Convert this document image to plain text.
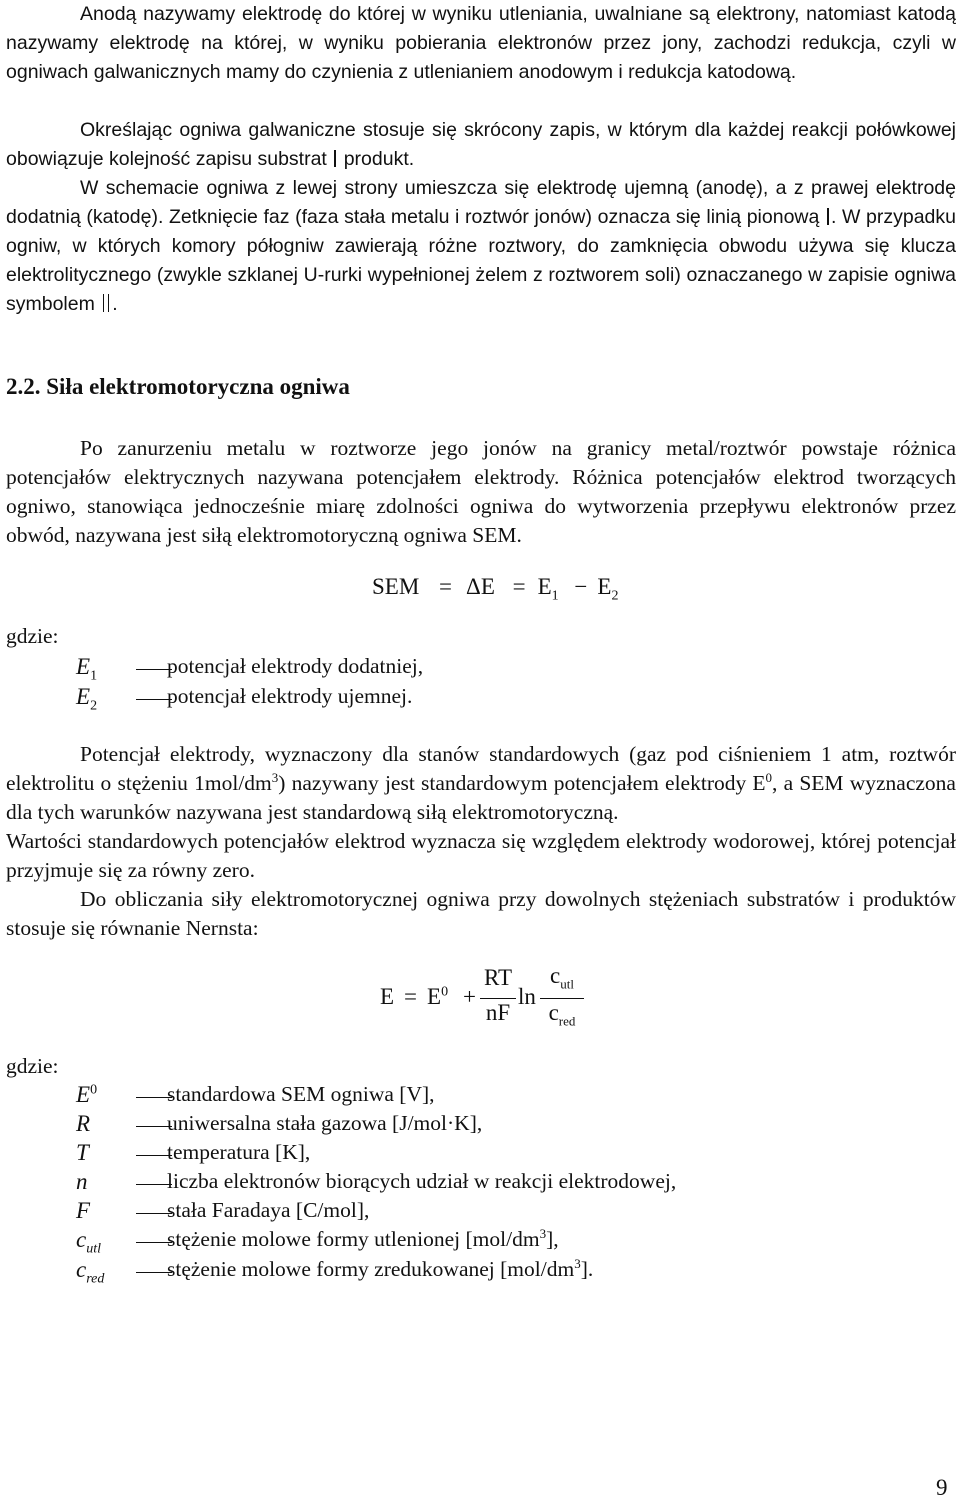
Anodą nazywamy elektrodę do której w wyniku utleniania, uwalniane są elektrony, natomiast katodą nazywamy elektrodę na której, w wyniku pobierania elektronów przez jony, zachodzi redukcja, czyli w ogniwach galwanicznych mamy do czynienia z utlenianiem anodowym i redukcja katodową.

Określając ogniwa galwaniczne stosuje się skrócony zapis, w którym dla każdej reakcji połówkowej obowiązuje kolejność zapisu substrat produkt.

W schemacie ogniwa z lewej strony umieszcza się elektrodę ujemną (anodę), a z prawej elektrodę dodatnią (katodę). Zetknięcie faz (faza stała metalu i roztwór jonów) oznacza się linią pionową . W przypadku ogniw, w których komory półogniw zawierają różne roztwory, do zamknięcia obwodu używa się klucza elektrolitycznego (zwykle szklanej U-rurki wypełnionej żelem z roztworem soli) oznaczanego w zapisie ogniwa symbolem .

2.2. Siła elektromotoryczna ogniwa

Po zanurzeniu metalu w roztworze jego jonów na granicy metal/roztwór powstaje różnica potencjałów elektrycznych nazywana potencjałem elektrody. Różnica potencjałów elektrod tworzących ogniwo, stanowiąca jednocześnie miarę zdolności ogniwa do wytworzenia przepływu elektronów przez obwód, nazywana jest siłą elektromotoryczną ogniwa SEM.

SEM = $\Delta E = E_1 - E_2$
gdzie:
$E_1$	potencjał elektrody dodatniej,
$E_2$	potencjał elektrody ujemnej.

Potencjał elektrody, wyznaczony dla stanów standardowych (gaz pod ciśnieniem 1 atm, roztwór elektrolitu o stężeniu $1mol/dm^3$) nazywany jest standardowym potencjałem elektrody $E^0$, a SEM wyznaczona dla tych warunków nazywana jest standardową siłą elektromotoryczną.

Wartości standardowych potencjałów elektrod wyznacza się względem elektrody wodorowej, której potencjał przyjmuje się za równy zero.

Do obliczania siły elektromotorycznej ogniwa przy dowolnych stężeniach substratów i produktów stosuje się równanie Nernsta:

$E = E^0$ +
RT
nF
ln
$c_{utl}$
$c_{red}$
gdzie:
$E^0$	standardowa SEM ogniwa [V],
R	uniwersalna stała gazowa [J/mol·K],
T	temperatura [K],
n	liczba elektronów biorących udział w reakcji elektrodowej,
F	stała Faradaya [C/mol],
$c_{utl}$	stężenie molowe formy utlenionej $[mol/dm^3]$,
$c_{red}$	stężenie molowe formy zredukowanej $[mol/dm^3]$.
9
